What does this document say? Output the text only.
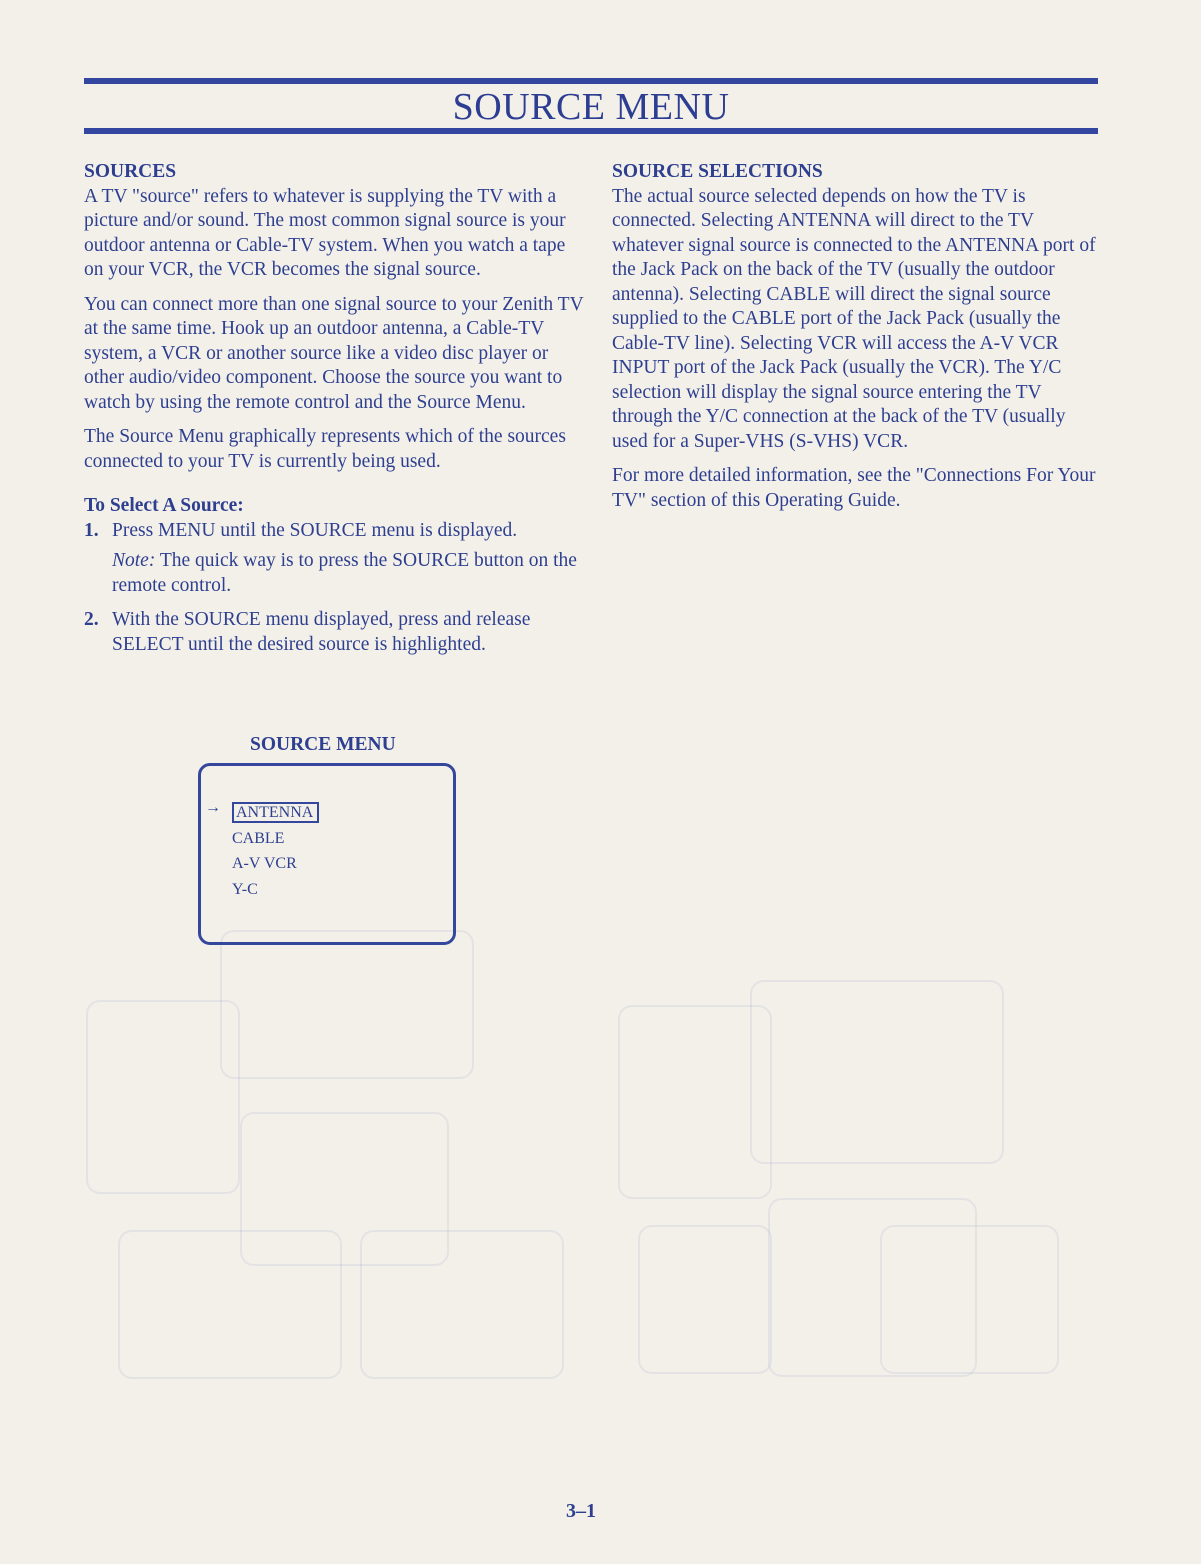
SOURCE MENU
SOURCES

A TV "source" refers to whatever is supplying the TV with a picture and/or sound. The most common signal source is your outdoor antenna or Cable-TV system. When you watch a tape on your VCR, the VCR becomes the signal source.

You can connect more than one signal source to your Zenith TV at the same time. Hook up an outdoor antenna, a Cable-TV system, a VCR or another source like a video disc player or other audio/video component. Choose the source you want to watch by using the remote control and the Source Menu.

The Source Menu graphically represents which of the sources connected to your TV is currently being used.

To Select A Source:
1. Press MENU until the SOURCE menu is displayed.
Note: The quick way is to press the SOURCE button on the remote control.
2. With the SOURCE menu displayed, press and release SELECT until the desired source is highlighted.
SOURCE MENU
→ ANTENNA
CABLE
A-V VCR
Y-C
SOURCE SELECTIONS

The actual source selected depends on how the TV is connected. Selecting ANTENNA will direct to the TV whatever signal source is connected to the ANTENNA port of the Jack Pack on the back of the TV (usually the outdoor antenna). Selecting CABLE will direct the signal source supplied to the CABLE port of the Jack Pack (usually the Cable-TV line). Selecting VCR will access the A-V VCR INPUT port of the Jack Pack (usually the VCR). The Y/C selection will display the signal source entering the TV through the Y/C connection at the back of the TV (usually used for a Super-VHS (S-VHS) VCR.

For more detailed information, see the "Connections For Your TV" section of this Operating Guide.

3–1
